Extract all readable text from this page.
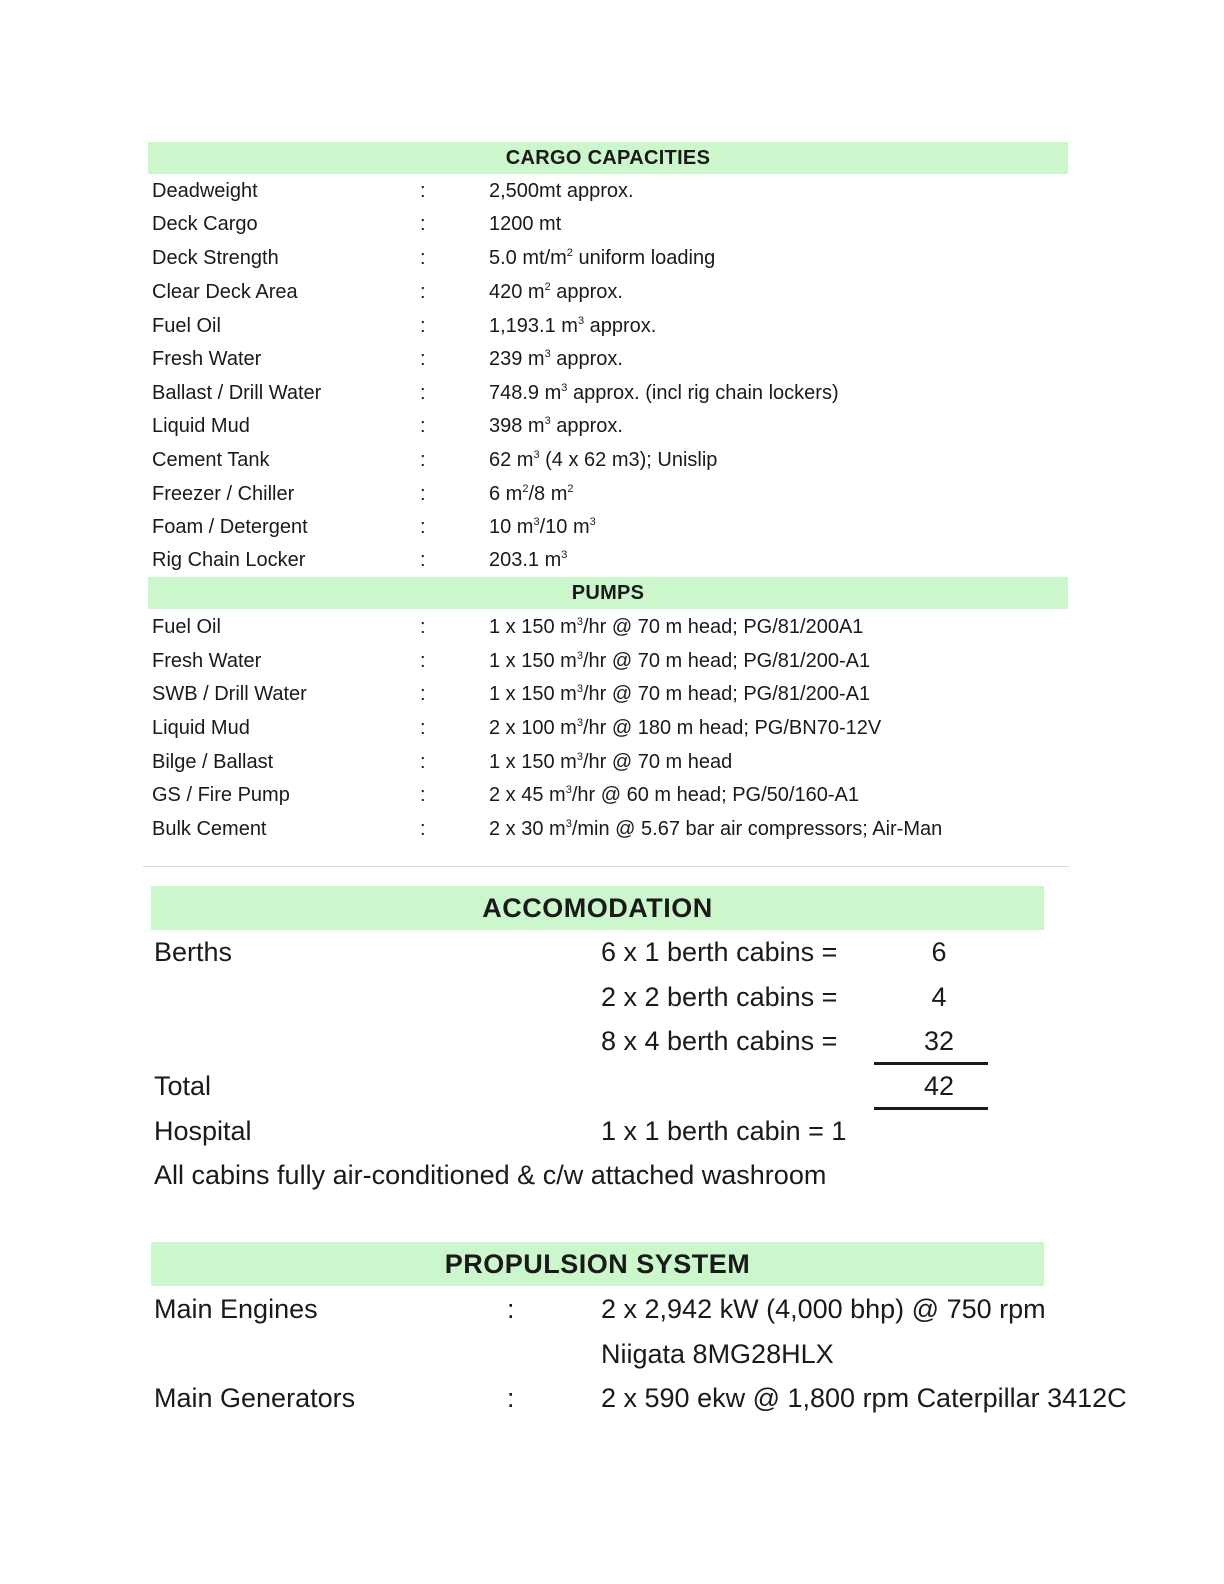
CARGO CAPACITIES
Deadweight	:	2,500mt approx.
Deck Cargo	:	1200 mt
Deck Strength	:	5.0 $mt/m^2$ uniform loading
Clear Deck Area	:	420 $m^2$ approx.
Fuel Oil	:	1,193.1 $m^3$ approx.
Fresh Water	:	239 $m^3$ approx.
Ballast / Drill Water	:	748.9 $m^3$ approx. (incl rig chain lockers)
Liquid Mud	:	398 $m^3$ approx.
Cement Tank	:	62 $m^3$ (4 x 62 m3); Unislip
Freezer / Chiller	:	6 $m^2/8$ $m^2$
Foam / Detergent	:	10 $m^3/10$ $m^3$
Rig Chain Locker	:	203.1 $m^3$
PUMPS
Fuel Oil	:	1 x 150 $m^3/hr$ @ 70 m head; PG/81/200A1
Fresh Water	:	1 x 150 $m^3/hr$ @ 70 m head; PG/81/200-A1
SWB / Drill Water	:	1 x 150 $m^3/hr$ @ 70 m head; PG/81/200-A1
Liquid Mud	:	2 x 100 $m^3/hr$ @ 180 m head; PG/BN70-12V
Bilge / Ballast	:	1 x 150 $m^3/hr$ @ 70 m head
GS / Fire Pump	:	2 x 45 $m^3/hr$ @ 60 m head; PG/50/160-A1
Bulk Cement	:	2 x 30 $m^3/\min$ @ 5.67 bar air compressors; Air-Man
ACCOMODATION
Berths	6 x 1 berth cabins =	6
2 x 2 berth cabins =	4
8 x 4 berth cabins =	32
Total	42
Hospital	1 x 1 berth cabin = 1
All cabins fully air-conditioned & c/w attached washroom
PROPULSION SYSTEM
Main Engines	:	2 x 2,942 kW (4,000 bhp) @ 750 rpm
Niigata 8MG28HLX
Main Generators	:	2 x 590 ekw @ 1,800 rpm Caterpillar 3412C
